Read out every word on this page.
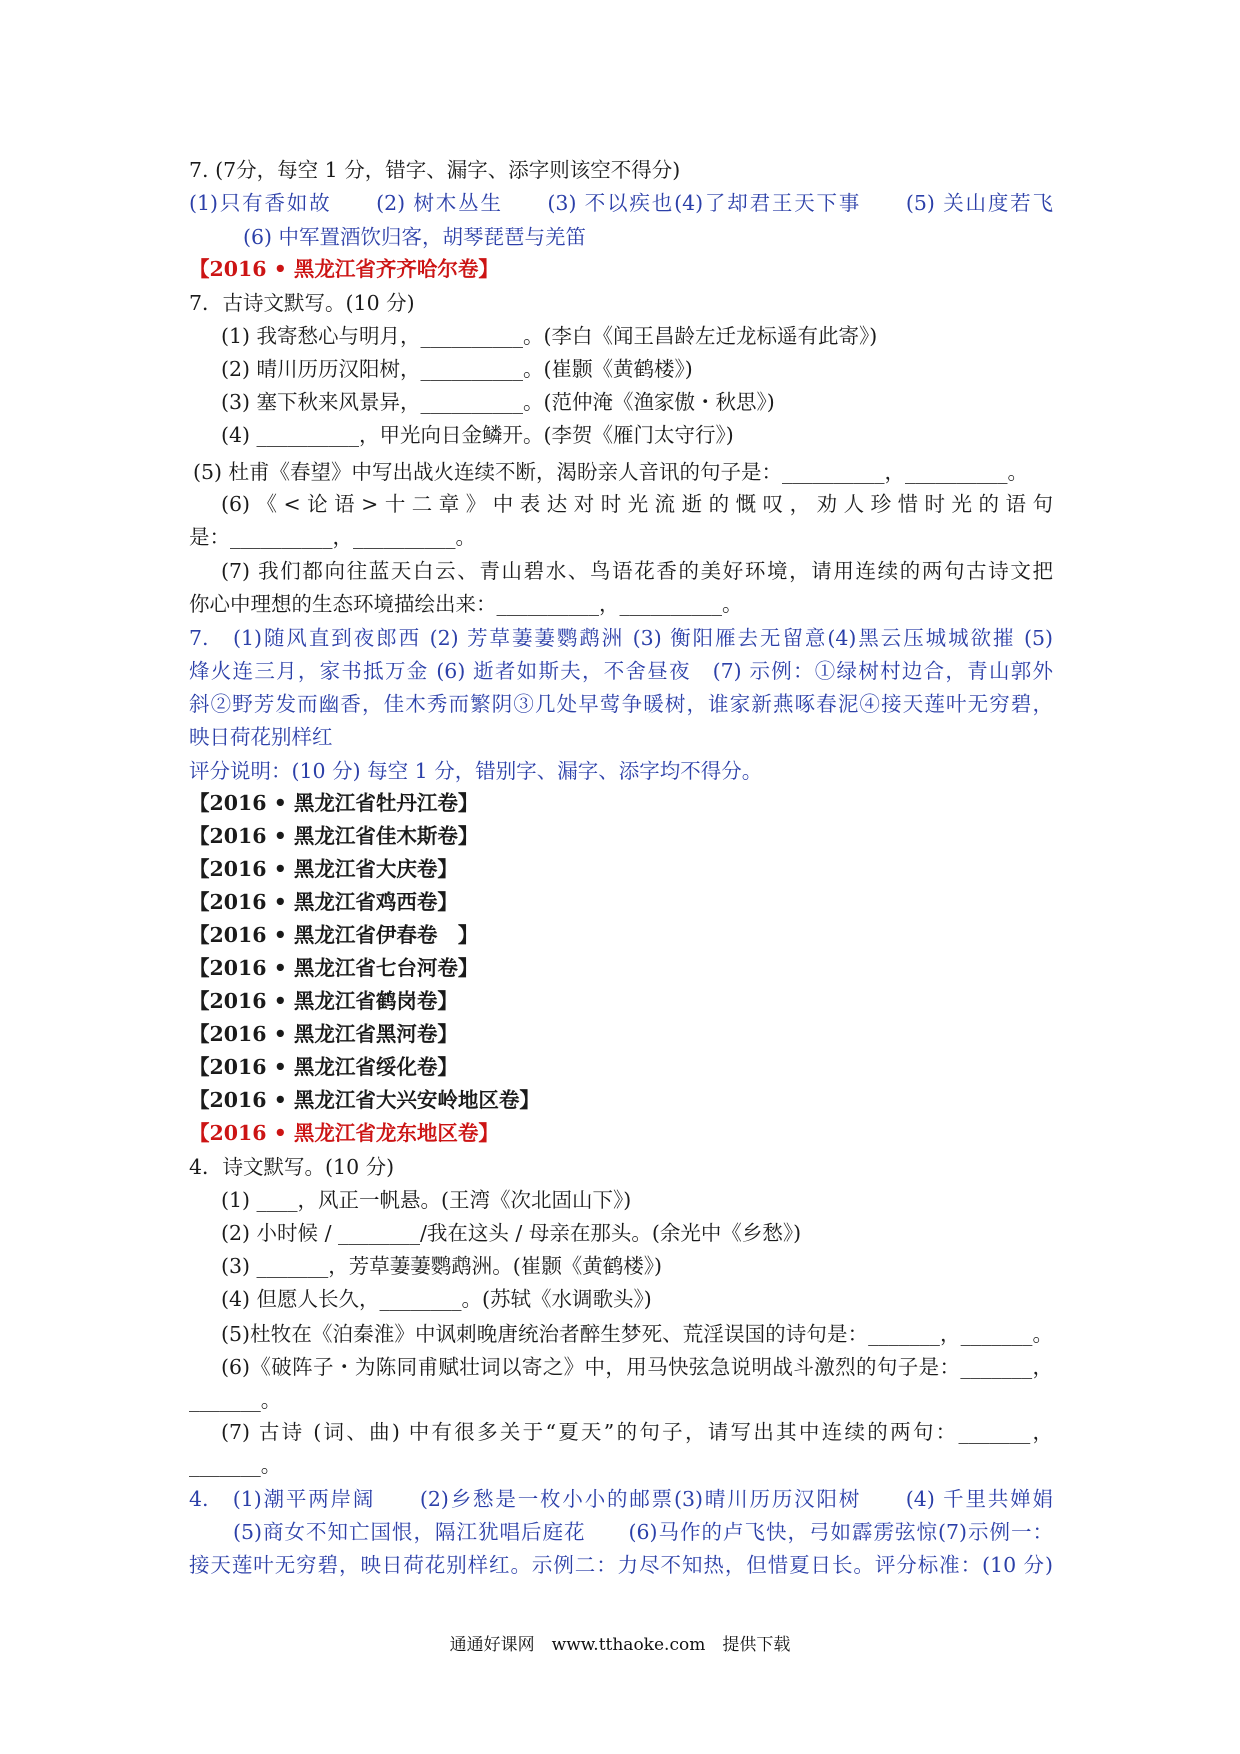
7. (7分，每空 1 分，错字、漏字、添字则该空不得分)
(1)只有香如故　　(2) 树木丛生　　(3) 不以疾也(4)了却君王天下事　　(5) 关山度若飞
(6) 中军置酒饮归客，胡琴琵琶与羌笛
【2016 • 黑龙江省齐齐哈尔卷】
7．古诗文默写。(10 分)
(1) 我寄愁心与明月，__________。(李白《闻王昌龄左迁龙标遥有此寄》)
(2) 晴川历历汉阳树，__________。(崔颢《黄鹤楼》)
(3) 塞下秋来风景异，__________。(范仲淹《渔家傲・秋思》)
(4) __________，甲光向日金鳞开。(李贺《雁门太守行》)
(5) 杜甫《春望》中写出战火连续不断，渴盼亲人音讯的句子是：__________，__________。
(6)《<论语>十二章》中表达对时光流逝的慨叹，劝人珍惜时光的语句
是：__________，__________。
(7) 我们都向往蓝天白云、青山碧水、鸟语花香的美好环境，请用连续的两句古诗文把
你心中理想的生态环境描绘出来：__________，__________。
7.　(1)随风直到夜郎西 (2) 芳草萋萋鹦鹉洲 (3) 衡阳雁去无留意(4)黑云压城城欲摧 (5)
烽火连三月，家书抵万金 (6) 逝者如斯夫，不舍昼夜　(7) 示例：①绿树村边合，青山郭外
斜②野芳发而幽香，佳木秀而繁阴③几处早莺争暖树，谁家新燕啄春泥④接天莲叶无穷碧，
映日荷花别样红
评分说明：(10 分) 每空 1 分，错别字、漏字、添字均不得分。
【2016 • 黑龙江省牡丹江卷】
【2016 • 黑龙江省佳木斯卷】
【2016 • 黑龙江省大庆卷】
【2016 • 黑龙江省鸡西卷】
【2016 • 黑龙江省伊春卷　】
【2016 • 黑龙江省七台河卷】
【2016 • 黑龙江省鹤岗卷】
【2016 • 黑龙江省黑河卷】
【2016 • 黑龙江省绥化卷】
【2016 • 黑龙江省大兴安岭地区卷】
【2016 • 黑龙江省龙东地区卷】
4．诗文默写。(10 分)
(1) ____，风正一帆悬。(王湾《次北固山下》)
(2) 小时候 / ________/我在这头 / 母亲在那头。(余光中《乡愁》)
(3) _______，芳草萋萋鹦鹉洲。(崔颢《黄鹤楼》)
(4) 但愿人长久，________。(苏轼《水调歌头》)
(5)杜牧在《泊秦淮》中讽刺晚唐统治者醉生梦死、荒淫误国的诗句是：_______，_______。
(6)《破阵子・为陈同甫赋壮词以寄之》中，用马快弦急说明战斗激烈的句子是：_______，
_______。
(7) 古诗 (词、曲) 中有很多关于“夏天”的句子，请写出其中连续的两句：_______，
_______。
4.　(1)潮平两岸阔　　(2)乡愁是一枚小小的邮票(3)晴川历历汉阳树　　(4) 千里共婵娟
(5)商女不知亡国恨，隔江犹唱后庭花　　(6)马作的卢飞快，弓如霹雳弦惊(7)示例一：
接天莲叶无穷碧，映日荷花别样红。示例二：力尽不知热，但惜夏日长。评分标准：(10 分)
通通好课网　www.tthaoke.com　提供下载
